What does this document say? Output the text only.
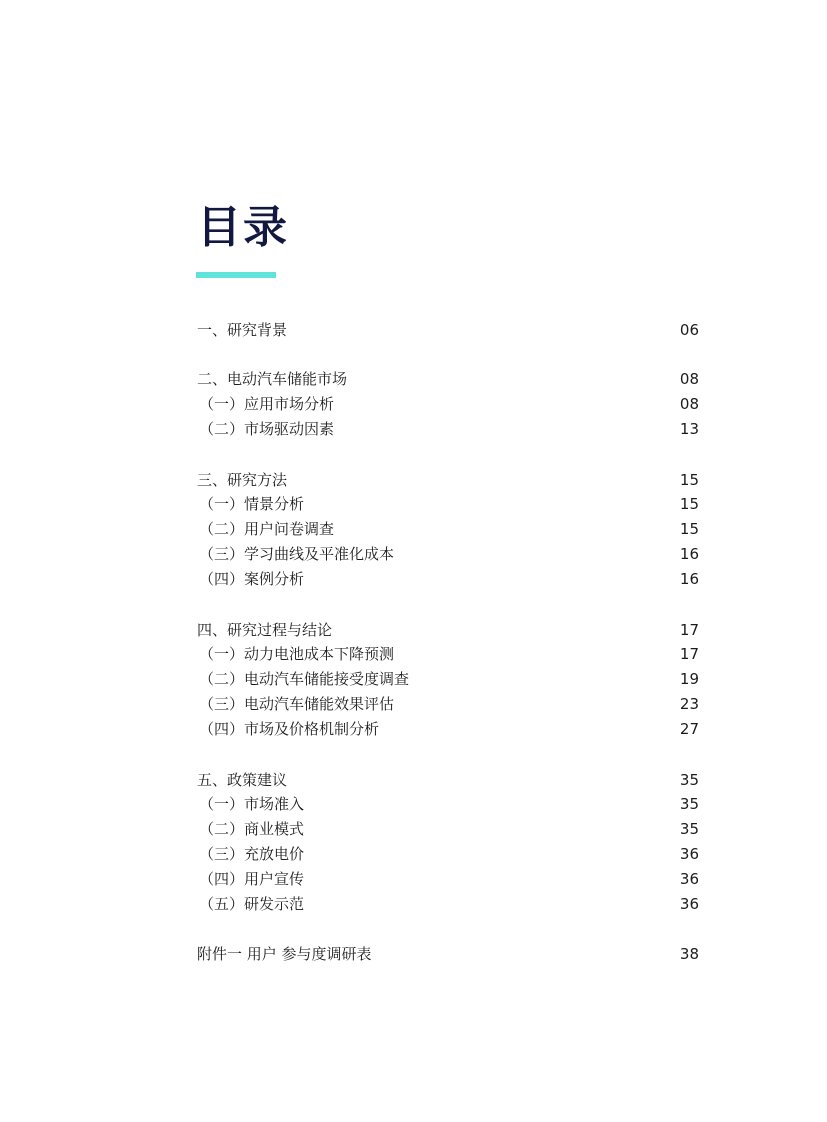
目录
一、研究背景	06
二、电动汽车储能市场	08
（一）应用市场分析	08
（二）市场驱动因素	13
三、研究方法	15
（一）情景分析	15
（二）用户问卷调查	15
（三）学习曲线及平准化成本	16
（四）案例分析	16
四、研究过程与结论	17
（一）动力电池成本下降预测	17
（二）电动汽车储能接受度调查	19
（三）电动汽车储能效果评估	23
（四）市场及价格机制分析	27
五、政策建议	35
（一）市场准入	35
（二）商业模式	35
（三）充放电价	36
（四）用户宣传	36
（五）研发示范	36
附件一 用户 参与度调研表	38
